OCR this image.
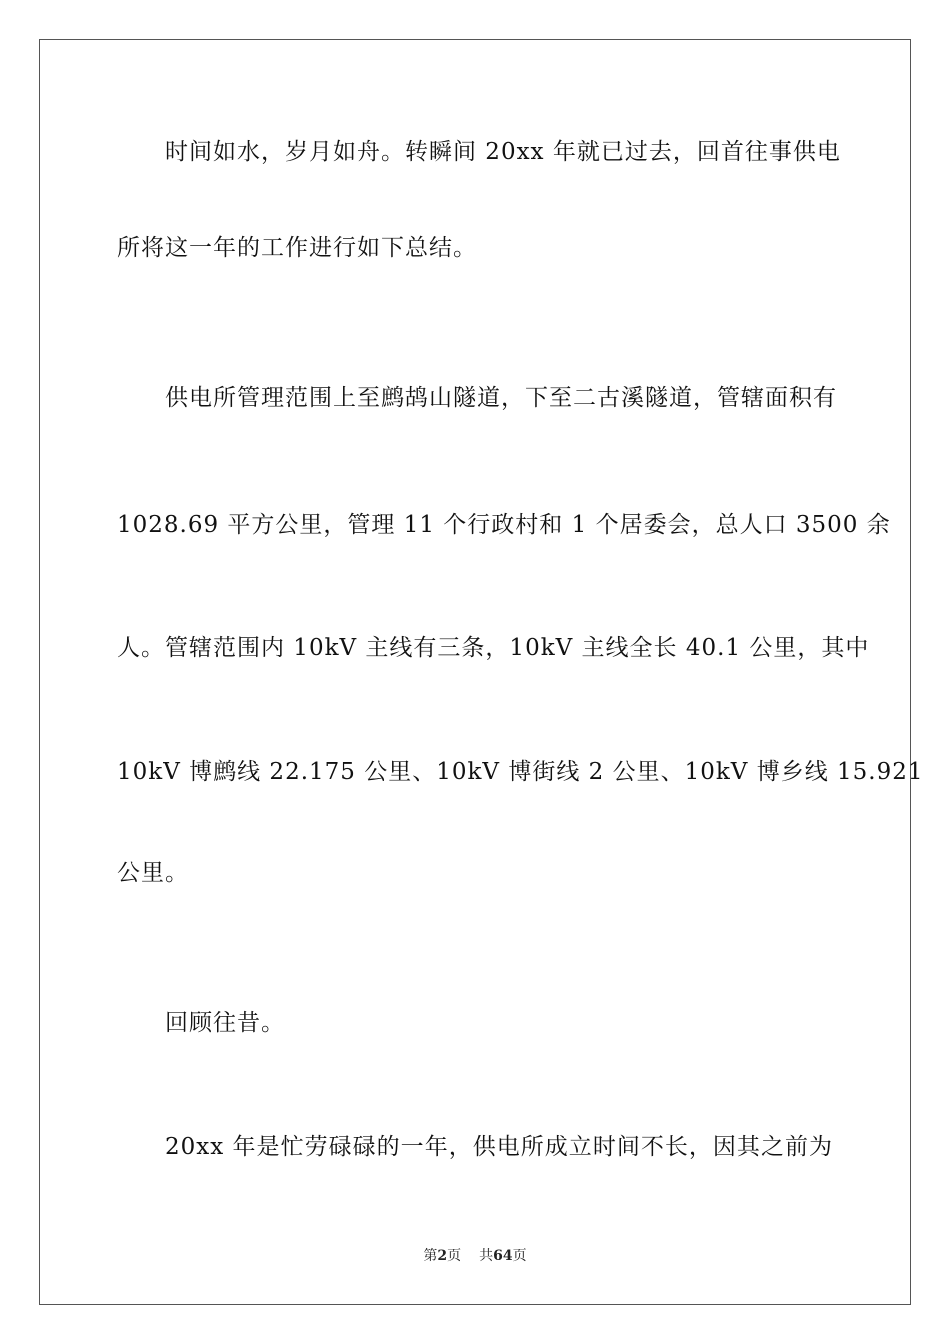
时间如水，岁月如舟。转瞬间 20xx 年就已过去，回首往事供电
所将这一年的工作进行如下总结。
供电所管理范围上至鹧鸪山隧道，下至二古溪隧道，管辖面积有
1028.69 平方公里，管理 11 个行政村和 1 个居委会，总人口 3500 余
人。管辖范围内 10kV 主线有三条，10kV 主线全长 40.1 公里，其中
10kV 博鹧线 22.175 公里、10kV 博街线 2 公里、10kV 博乡线 15.921
公里。
回顾往昔。
20xx 年是忙劳碌碌的一年，供电所成立时间不长，因其之前为
第2页 共64页
